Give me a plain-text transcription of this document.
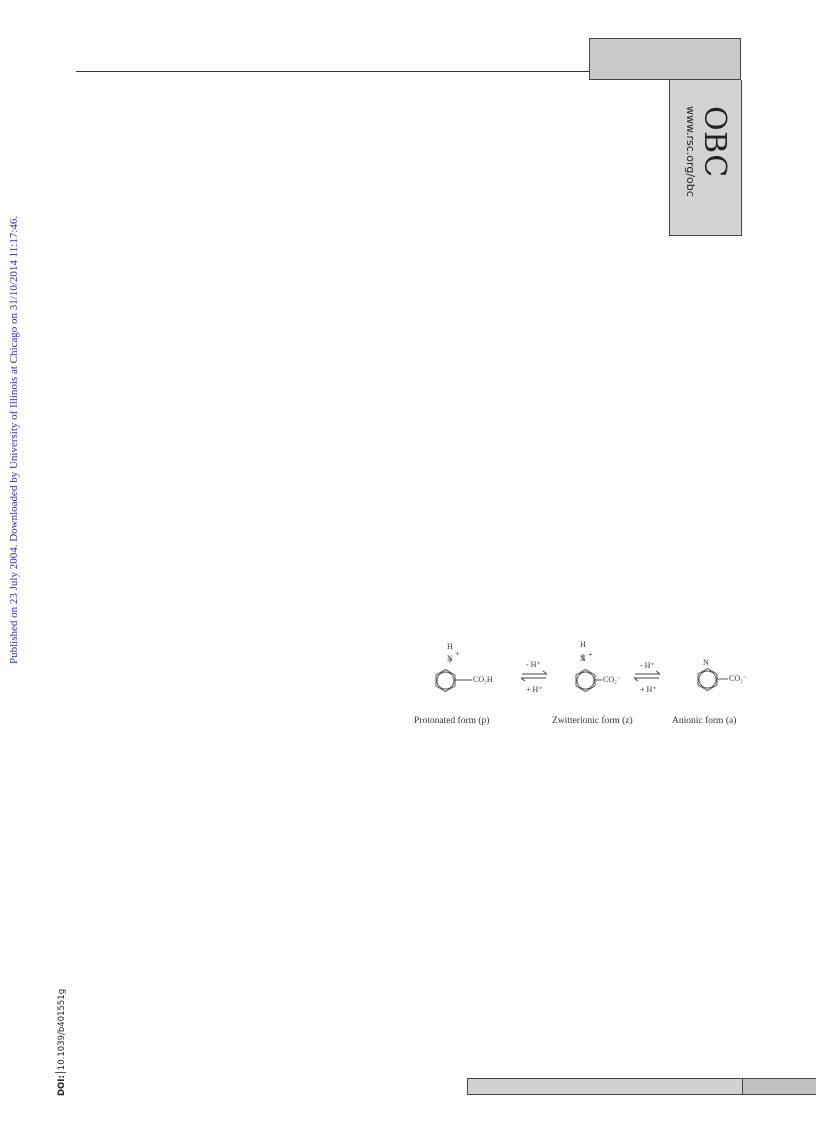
OBC
www.rsc.org/obc
Published on 23 July 2004. Downloaded by University of Illinois at Chicago on 31/10/2014 11:17:46.
DOI:10.1039/b401551g
H
N
+
CO₂H
H
N +
CO₂⁻
N
CO₂⁻
- H⁺
+ H⁺
- H⁺
+ H⁺
Protonated form (p)	Zwitterionic form (z)	Anionic form (a)
